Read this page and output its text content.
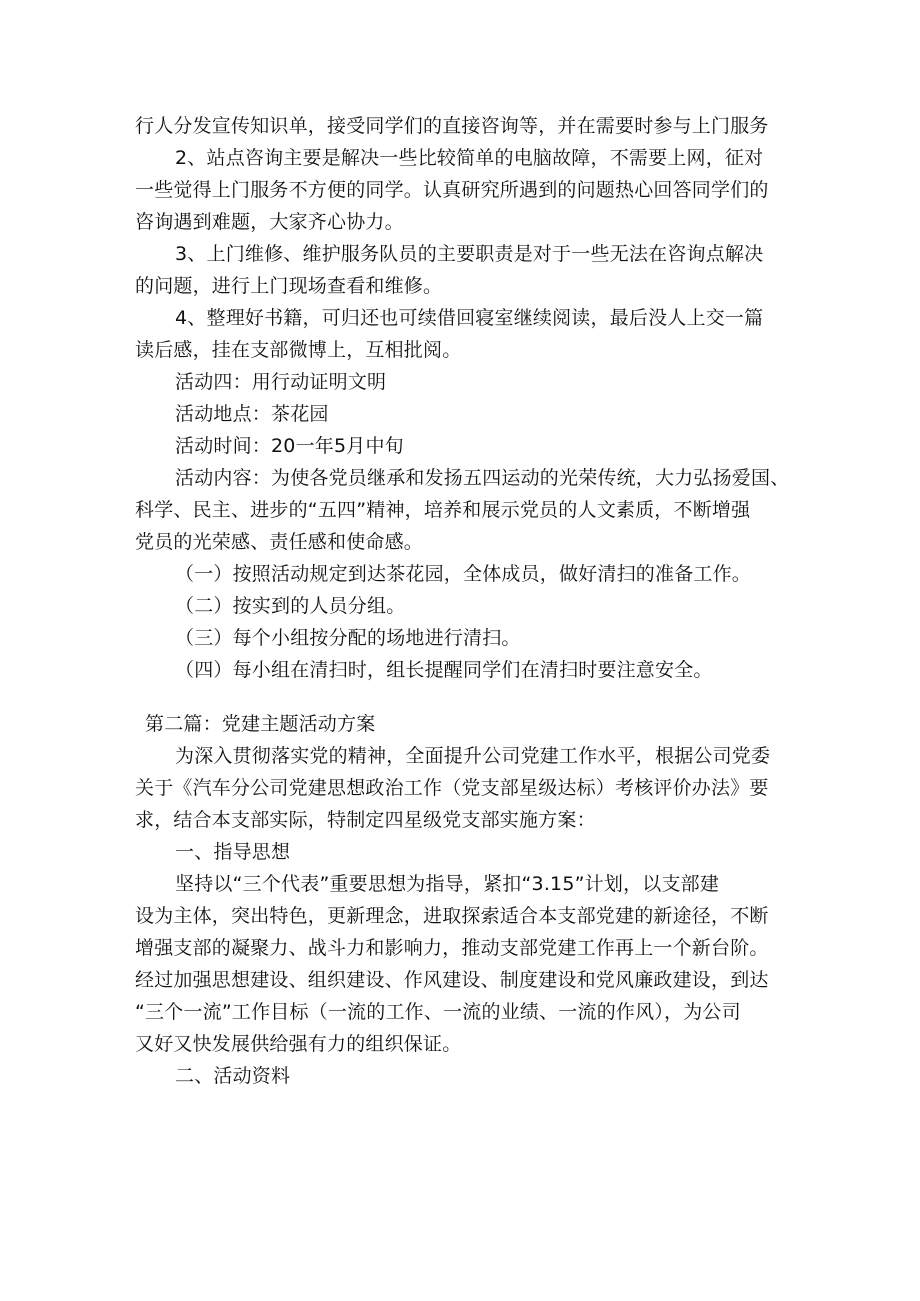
行人分发宣传知识单，接受同学们的直接咨询等，并在需要时参与上门服务

2、站点咨询主要是解决一些比较简单的电脑故障，不需要上网，征对

一些觉得上门服务不方便的同学。认真研究所遇到的问题热心回答同学们的

咨询遇到难题，大家齐心协力。

3、上门维修、维护服务队员的主要职责是对于一些无法在咨询点解决

的问题，进行上门现场查看和维修。

4、整理好书籍，可归还也可续借回寝室继续阅读，最后没人上交一篇

读后感，挂在支部微博上，互相批阅。

活动四：用行动证明文明

活动地点：茶花园

活动时间：20一年5月中旬

活动内容：为使各党员继承和发扬五四运动的光荣传统，大力弘扬爱国、

科学、民主、进步的“五四”精神，培养和展示党员的人文素质，不断增强

党员的光荣感、责任感和使命感。

（一）按照活动规定到达茶花园，全体成员，做好清扫的准备工作。

（二）按实到的人员分组。

（三）每个小组按分配的场地进行清扫。

（四）每小组在清扫时，组长提醒同学们在清扫时要注意安全。

第二篇：党建主题活动方案

为深入贯彻落实党的精神，全面提升公司党建工作水平，根据公司党委

关于《汽车分公司党建思想政治工作（党支部星级达标）考核评价办法》要

求，结合本支部实际，特制定四星级党支部实施方案：

一、指导思想

坚持以“三个代表”重要思想为指导，紧扣“3.15”计划，以支部建

设为主体，突出特色，更新理念，进取探索适合本支部党建的新途径，不断

增强支部的凝聚力、战斗力和影响力，推动支部党建工作再上一个新台阶。

经过加强思想建设、组织建设、作风建设、制度建设和党风廉政建设，到达

“三个一流”工作目标（一流的工作、一流的业绩、一流的作风），为公司

又好又快发展供给强有力的组织保证。

二、活动资料
